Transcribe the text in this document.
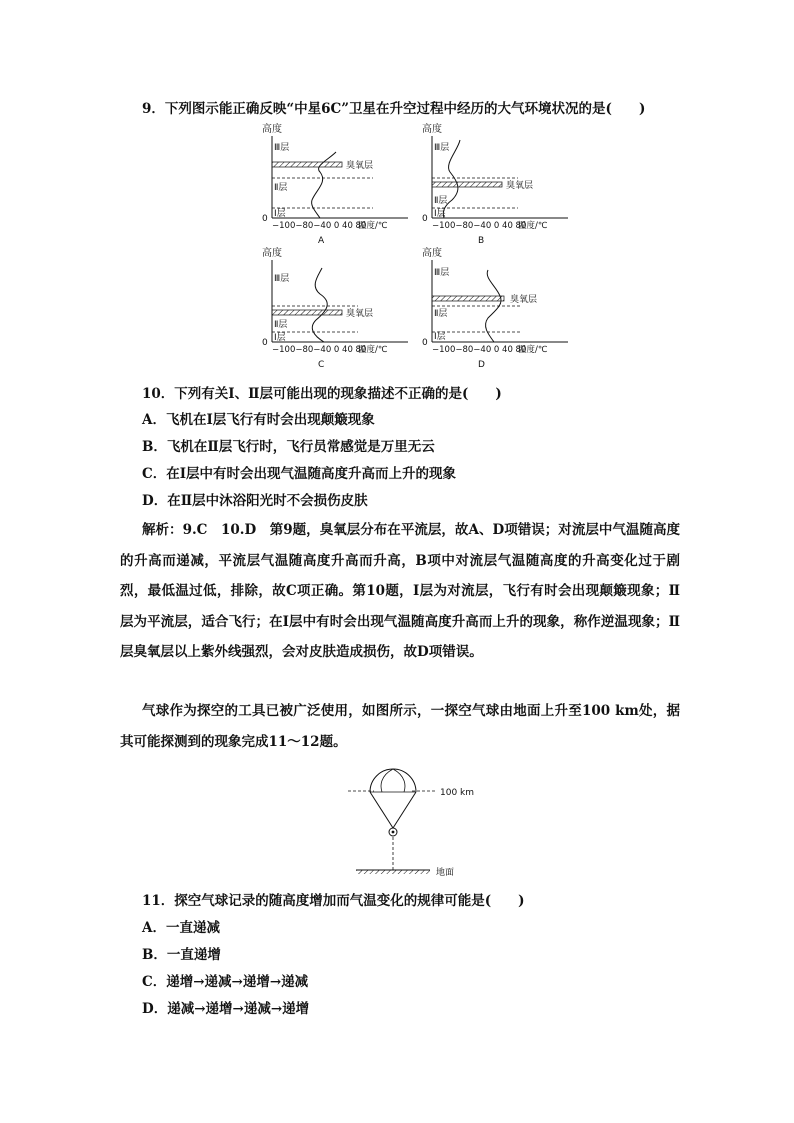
9．下列图示能正确反映“中星6C”卫星在升空过程中经历的大气环境状况的是(　　)
高度
0
Ⅲ层
臭氧层
Ⅱ层
Ⅰ层
−100−80−40 0 40 80
温度/℃
A
高度
0
Ⅲ层
臭氧层
Ⅱ层
Ⅰ层
−100−80−40 0 40 80
温度/℃
B
高度
0
Ⅲ层
臭氧层
Ⅱ层
Ⅰ层
−100−80−40 0 40 80
温度/℃
C
高度
0
Ⅲ层
臭氧层
Ⅱ层
Ⅰ层
−100−80−40 0 40 80
温度/℃
D
10．下列有关Ⅰ、Ⅱ层可能出现的现象描述不正确的是(　　)
A．飞机在Ⅰ层飞行有时会出现颠簸现象
B．飞机在Ⅱ层飞行时，飞行员常感觉是万里无云
C．在Ⅰ层中有时会出现气温随高度升高而上升的现象
D．在Ⅱ层中沐浴阳光时不会损伤皮肤
解析：9.C　10.D　第9题，臭氧层分布在平流层，故A、D项错误；对流层中气温随高度的升高而递减，平流层气温随高度升高而升高，B项中对流层气温随高度的升高变化过于剧烈，最低温过低，排除，故C项正确。第10题，Ⅰ层为对流层，飞行有时会出现颠簸现象；Ⅱ层为平流层，适合飞行；在Ⅰ层中有时会出现气温随高度升高而上升的现象，称作逆温现象；Ⅱ层臭氧层以上紫外线强烈，会对皮肤造成损伤，故D项错误。
气球作为探空的工具已被广泛使用，如图所示，一探空气球由地面上升至100 km处，据其可能探测到的现象完成11～12题。
100 km
地面
11．探空气球记录的随高度增加而气温变化的规律可能是(　　)
A．一直递减
B．一直递增
C．递增→递减→递增→递减
D．递减→递增→递减→递增
